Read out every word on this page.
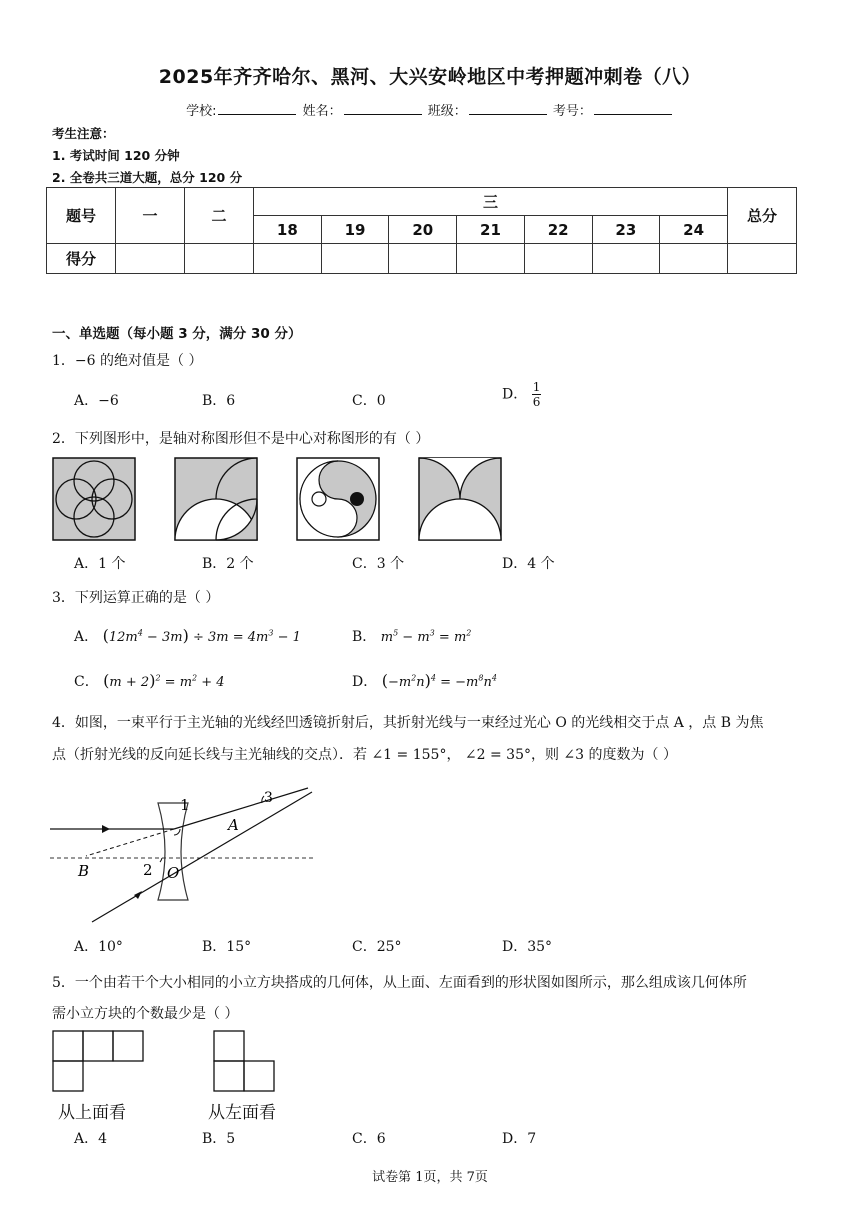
2025年齐齐哈尔、黑河、大兴安岭地区中考押题冲刺卷（八）
学校:	姓名：	班级：	考号：
考生注意：
1. 考试时间 120 分钟
2. 全卷共三道大题，总分 120 分
题号	一	二	三							总分
			18	19	20	21	22	23	24	
得分										
一、单选题（每小题 3 分，满分 30 分）
1．−6 的绝对值是（ ）
A．−6	B．6	C．0	D． $\frac{1}{6}$
2．下列图形中，是轴对称图形但不是中心对称图形的有（ ）
A．1 个	B．2 个	C．3 个	D．4 个
3．下列运算正确的是（ ）
A． $(12m^4 - 3m) \div 3m = 4m^3 - 1$	B． $m^5 - m^3 = m^2$
C． $(m + 2)^2 = m^2 + 4$	D． $(-m^2n)^4 = -m^8n^4$
4．如图，一束平行于主光轴的光线经凹透镜折射后，其折射光线与一束经过光心 O 的光线相交于点 A ，点 B 为焦
点（折射光线的反向延长线与主光轴线的交点）．若 ∠1 = 155°， ∠2 = 35°，则 ∠3 的度数为（ ）
1
2
3
A
B	O
A．10°	B．15°	C．25°	D．35°
5．一个由若干个大小相同的小立方块搭成的几何体，从上面、左面看到的形状图如图所示，那么组成该几何体所
需小立方块的个数最少是（ ）
从上面看	从左面看
A．4	B．5	C．6	D．7
试卷第 1页，共 7页
